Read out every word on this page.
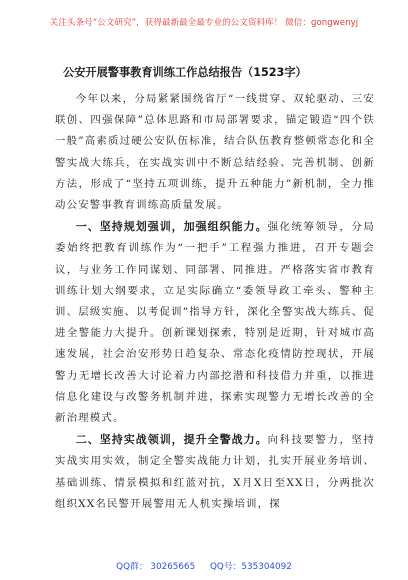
关注头条号“公文研究”，获得最新最全最专业的公文资料库！ 微信：gongwenyj
公安开展警事教育训练工作总结报告（1523字）

今年以来，分局紧紧围绕省厅“一线贯穿、双轮驱动、三安联创、四强保障”总体思路和市局部署要求，锚定锻造“四个铁一般”高素质过硬公安队伍标准，结合队伍教育整顿常态化和全警实战大练兵，在实战实训中不断总结经验、完善机制、创新方法，形成了“坚持五项训练，提升五种能力”新机制，全力推动公安警事教育训练高质量发展。

一、坚持规划强训，加强组织能力。强化统筹领导，分局委始终把教育训练作为“一把手”工程强力推进，召开专题会议，与业务工作同谋划、同部署、同推进。严格落实省市教育训练计划大纲要求，立足实际确立“委领导政工牵头、警种主训、层级实施、以考促训”指导方针，深化全警实战大练兵、促进全警能力大提升。创新课划探索，特别是近期，针对城市高速发展，社会治安形势日趋复杂、常态化疫情防控现状，开展警力无增长改善大讨论着力内部挖潜和科技借力并重，以推进信息化建设与改警务机制并进，探索实现警力无增长改善的全新治理模式。

二、坚持实战领训，提升全警战力。向科技要警力，坚持实战实用实效，制定全警实战能力计划，扎实开展业务培训、基础训练、情景模拟和红蓝对抗，X月X日至XX日，分两批次组织XX名民警开展警用无人机实操培训，探

QQ群： 30265665 QQ号：535304092
